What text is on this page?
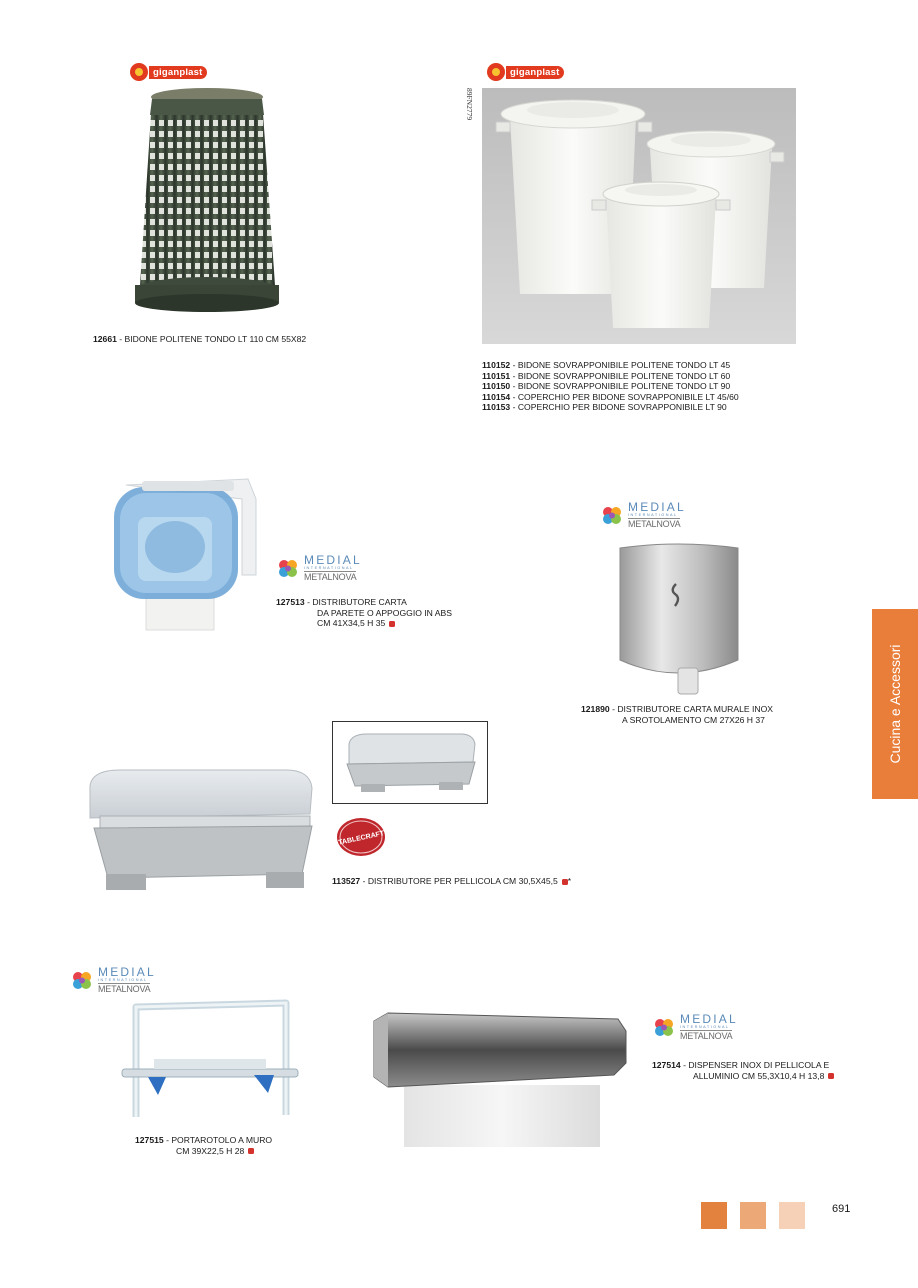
giganplast
12661 - BIDONE POLITENE TONDO LT 110 CM 55X82
giganplast
89FN2779
110152 - BIDONE SOVRAPPONIBILE POLITENE TONDO LT 45
110151 - BIDONE SOVRAPPONIBILE POLITENE TONDO LT 60
110150 - BIDONE SOVRAPPONIBILE POLITENE TONDO LT 90
110154 - COPERCHIO PER BIDONE SOVRAPPONIBILE LT 45/60
110153 - COPERCHIO PER BIDONE SOVRAPPONIBILE LT 90
MEDIAL
INTERNATIONAL
METALNOVA
127513 - DISTRIBUTORE CARTA
DA PARETE O APPOGGIO IN ABS
CM 41X34,5 H 35
MEDIAL
INTERNATIONAL
METALNOVA
121890 - DISTRIBUTORE CARTA MURALE INOX
A SROTOLAMENTO CM 27X26 H 37
TABLECRAFT
113527 - DISTRIBUTORE PER PELLICOLA CM 30,5X45,5 *
MEDIAL
INTERNATIONAL
METALNOVA
127515 - PORTAROTOLO A MURO
CM 39X22,5 H 28
MEDIAL
INTERNATIONAL
METALNOVA
127514 - DISPENSER INOX DI PELLICOLA E
ALLUMINIO CM 55,3X10,4 H 13,8
Cucina e Accessori
691
